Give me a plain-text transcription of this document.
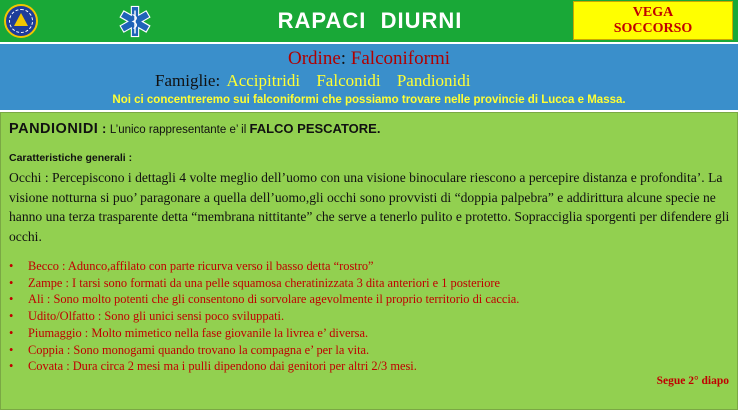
RAPACI  DIURNI	VEGA
SOCCORSO
Ordine: Falconiformi
Famiglie: Accipitridi Falconidi Pandionidi
Noi ci concentreremo sui falconiformi che possiamo trovare nelle provincie di Lucca e Massa.
PANDIONIDI : L’unico rappresentante e’ il FALCO PESCATORE.
Caratteristiche generali :
Occhi : Percepiscono i dettagli 4 volte meglio dell’uomo con una visione binoculare riescono a percepire distanza e profondita’. La visione notturna si puo’ paragonare a quella dell’uomo,gli occhi sono provvisti di “doppia palpebra” e addirittura alcune specie ne hanno una terza trasparente detta “membrana nittitante” che serve a tenerlo pulito e protetto. Sopracciglia sporgenti per difendere gli occhi.
• Becco : Adunco,affilato con parte ricurva verso il basso detta “rostro”
• Zampe : I tarsi sono formati da una pelle squamosa cheratinizzata 3 dita anteriori e 1 posteriore
• Ali : Sono molto potenti che gli consentono di sorvolare agevolmente il proprio territorio di caccia.
• Udito/Olfatto : Sono gli unici sensi poco sviluppati.
• Piumaggio : Molto mimetico nella fase giovanile la livrea e’ diversa.
• Coppia : Sono monogami quando trovano la compagna e’ per la vita.
• Covata : Dura circa 2 mesi ma i pulli dipendono dai genitori per altri 2/3 mesi.
Segue 2° diapo
